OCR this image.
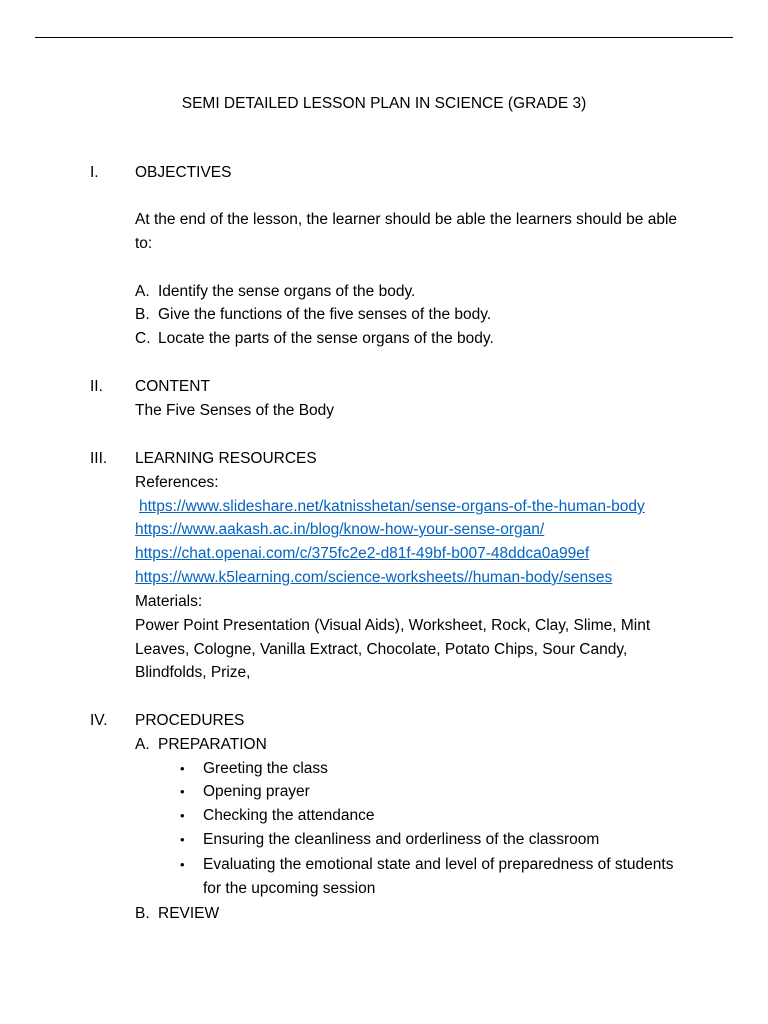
SEMI DETAILED LESSON PLAN IN SCIENCE (GRADE 3)
I. OBJECTIVES
At the end of the lesson, the learner should be able the learners should be able
to:
A. Identify the sense organs of the body.
B. Give the functions of the five senses of the body.
C. Locate the parts of the sense organs of the body.
II. CONTENT
The Five Senses of the Body
III. LEARNING RESOURCES
References:
https://www.slideshare.net/katnisshetan/sense-organs-of-the-human-body
https://www.aakash.ac.in/blog/know-how-your-sense-organ/
https://chat.openai.com/c/375fc2e2-d81f-49bf-b007-48ddca0a99ef
https://www.k5learning.com/science-worksheets//human-body/senses
Materials:
Power Point Presentation (Visual Aids), Worksheet, Rock, Clay, Slime, Mint
Leaves, Cologne, Vanilla Extract, Chocolate, Potato Chips, Sour Candy,
Blindfolds, Prize,
IV. PROCEDURES
A. PREPARATION
• Greeting the class
• Opening prayer
• Checking the attendance
• Ensuring the cleanliness and orderliness of the classroom
• Evaluating the emotional state and level of preparedness of students
for the upcoming session
B. REVIEW
